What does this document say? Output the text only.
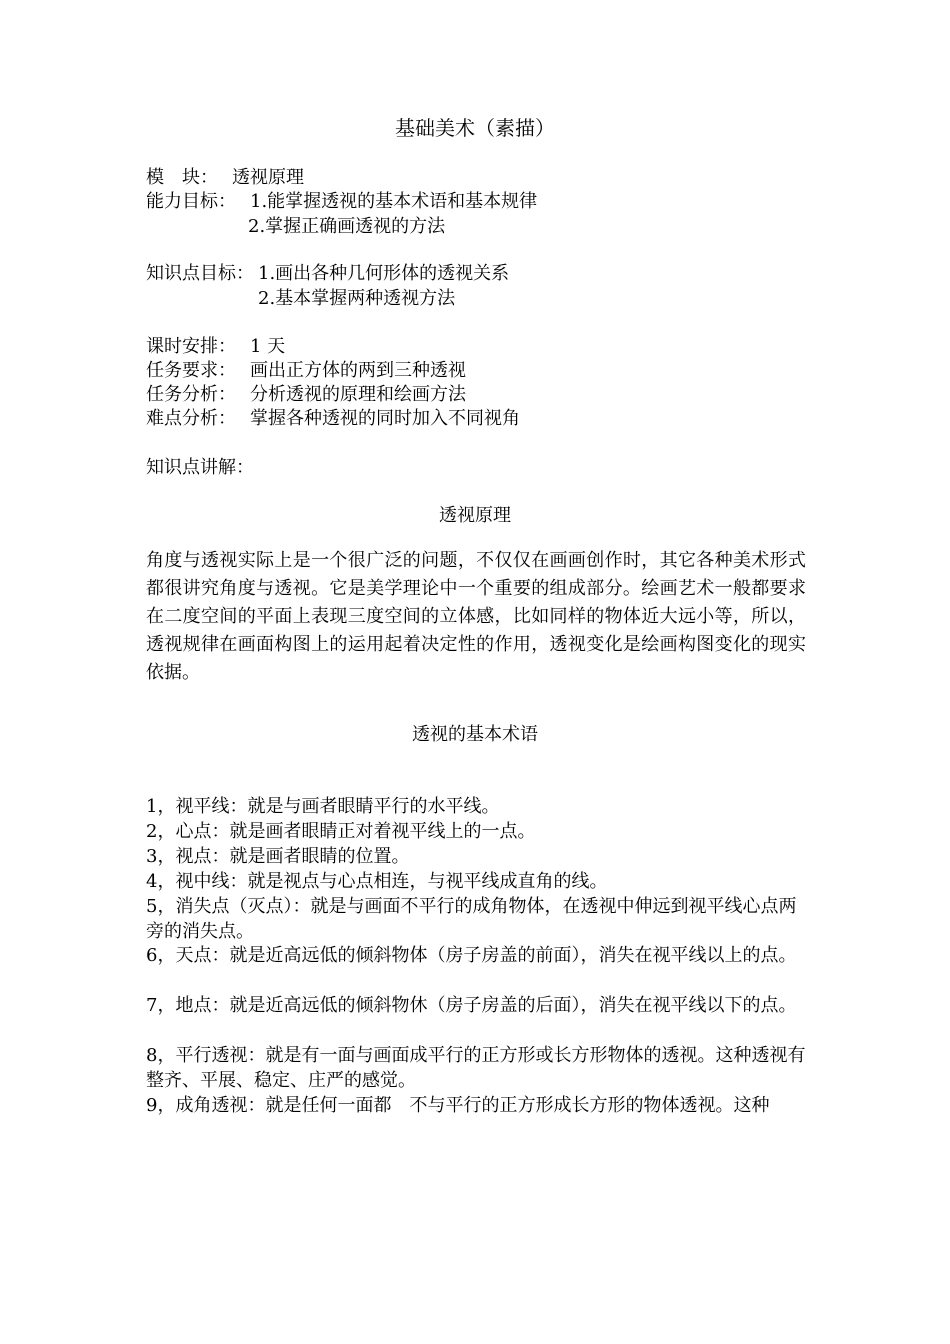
基础美术（素描）
模　块： 透视原理
能力目标： 1.能掌握透视的基本术语和基本规律
2.掌握正确画透视的方法
知识点目标： 1.画出各种几何形体的透视关系
2.基本掌握两种透视方法
课时安排： 1 天
任务要求： 画出正方体的两到三种透视
任务分析： 分析透视的原理和绘画方法
难点分析： 掌握各种透视的同时加入不同视角
知识点讲解：
透视原理
角度与透视实际上是一个很广泛的问题，不仅仅在画画创作时，其它各种美术形式都很讲究角度与透视。它是美学理论中一个重要的组成部分。绘画艺术一般都要求在二度空间的平面上表现三度空间的立体感，比如同样的物体近大远小等，所以，透视规律在画面构图上的运用起着决定性的作用，透视变化是绘画构图变化的现实依据。
透视的基本术语
1，视平线：就是与画者眼睛平行的水平线。
2，心点：就是画者眼睛正对着视平线上的一点。
3，视点：就是画者眼睛的位置。
4，视中线：就是视点与心点相连，与视平线成直角的线。
5，消失点（灭点）：就是与画面不平行的成角物体，在透视中伸远到视平线心点两旁的消失点。
6，天点：就是近高远低的倾斜物体（房子房盖的前面），消失在视平线以上的点。
7，地点：就是近高远低的倾斜物休（房子房盖的后面），消失在视平线以下的点。
8，平行透视：就是有一面与画面成平行的正方形或长方形物体的透视。这种透视有整齐、平展、稳定、庄严的感觉。
9，成角透视：就是任何一面都　不与平行的正方形成长方形的物体透视。这种
